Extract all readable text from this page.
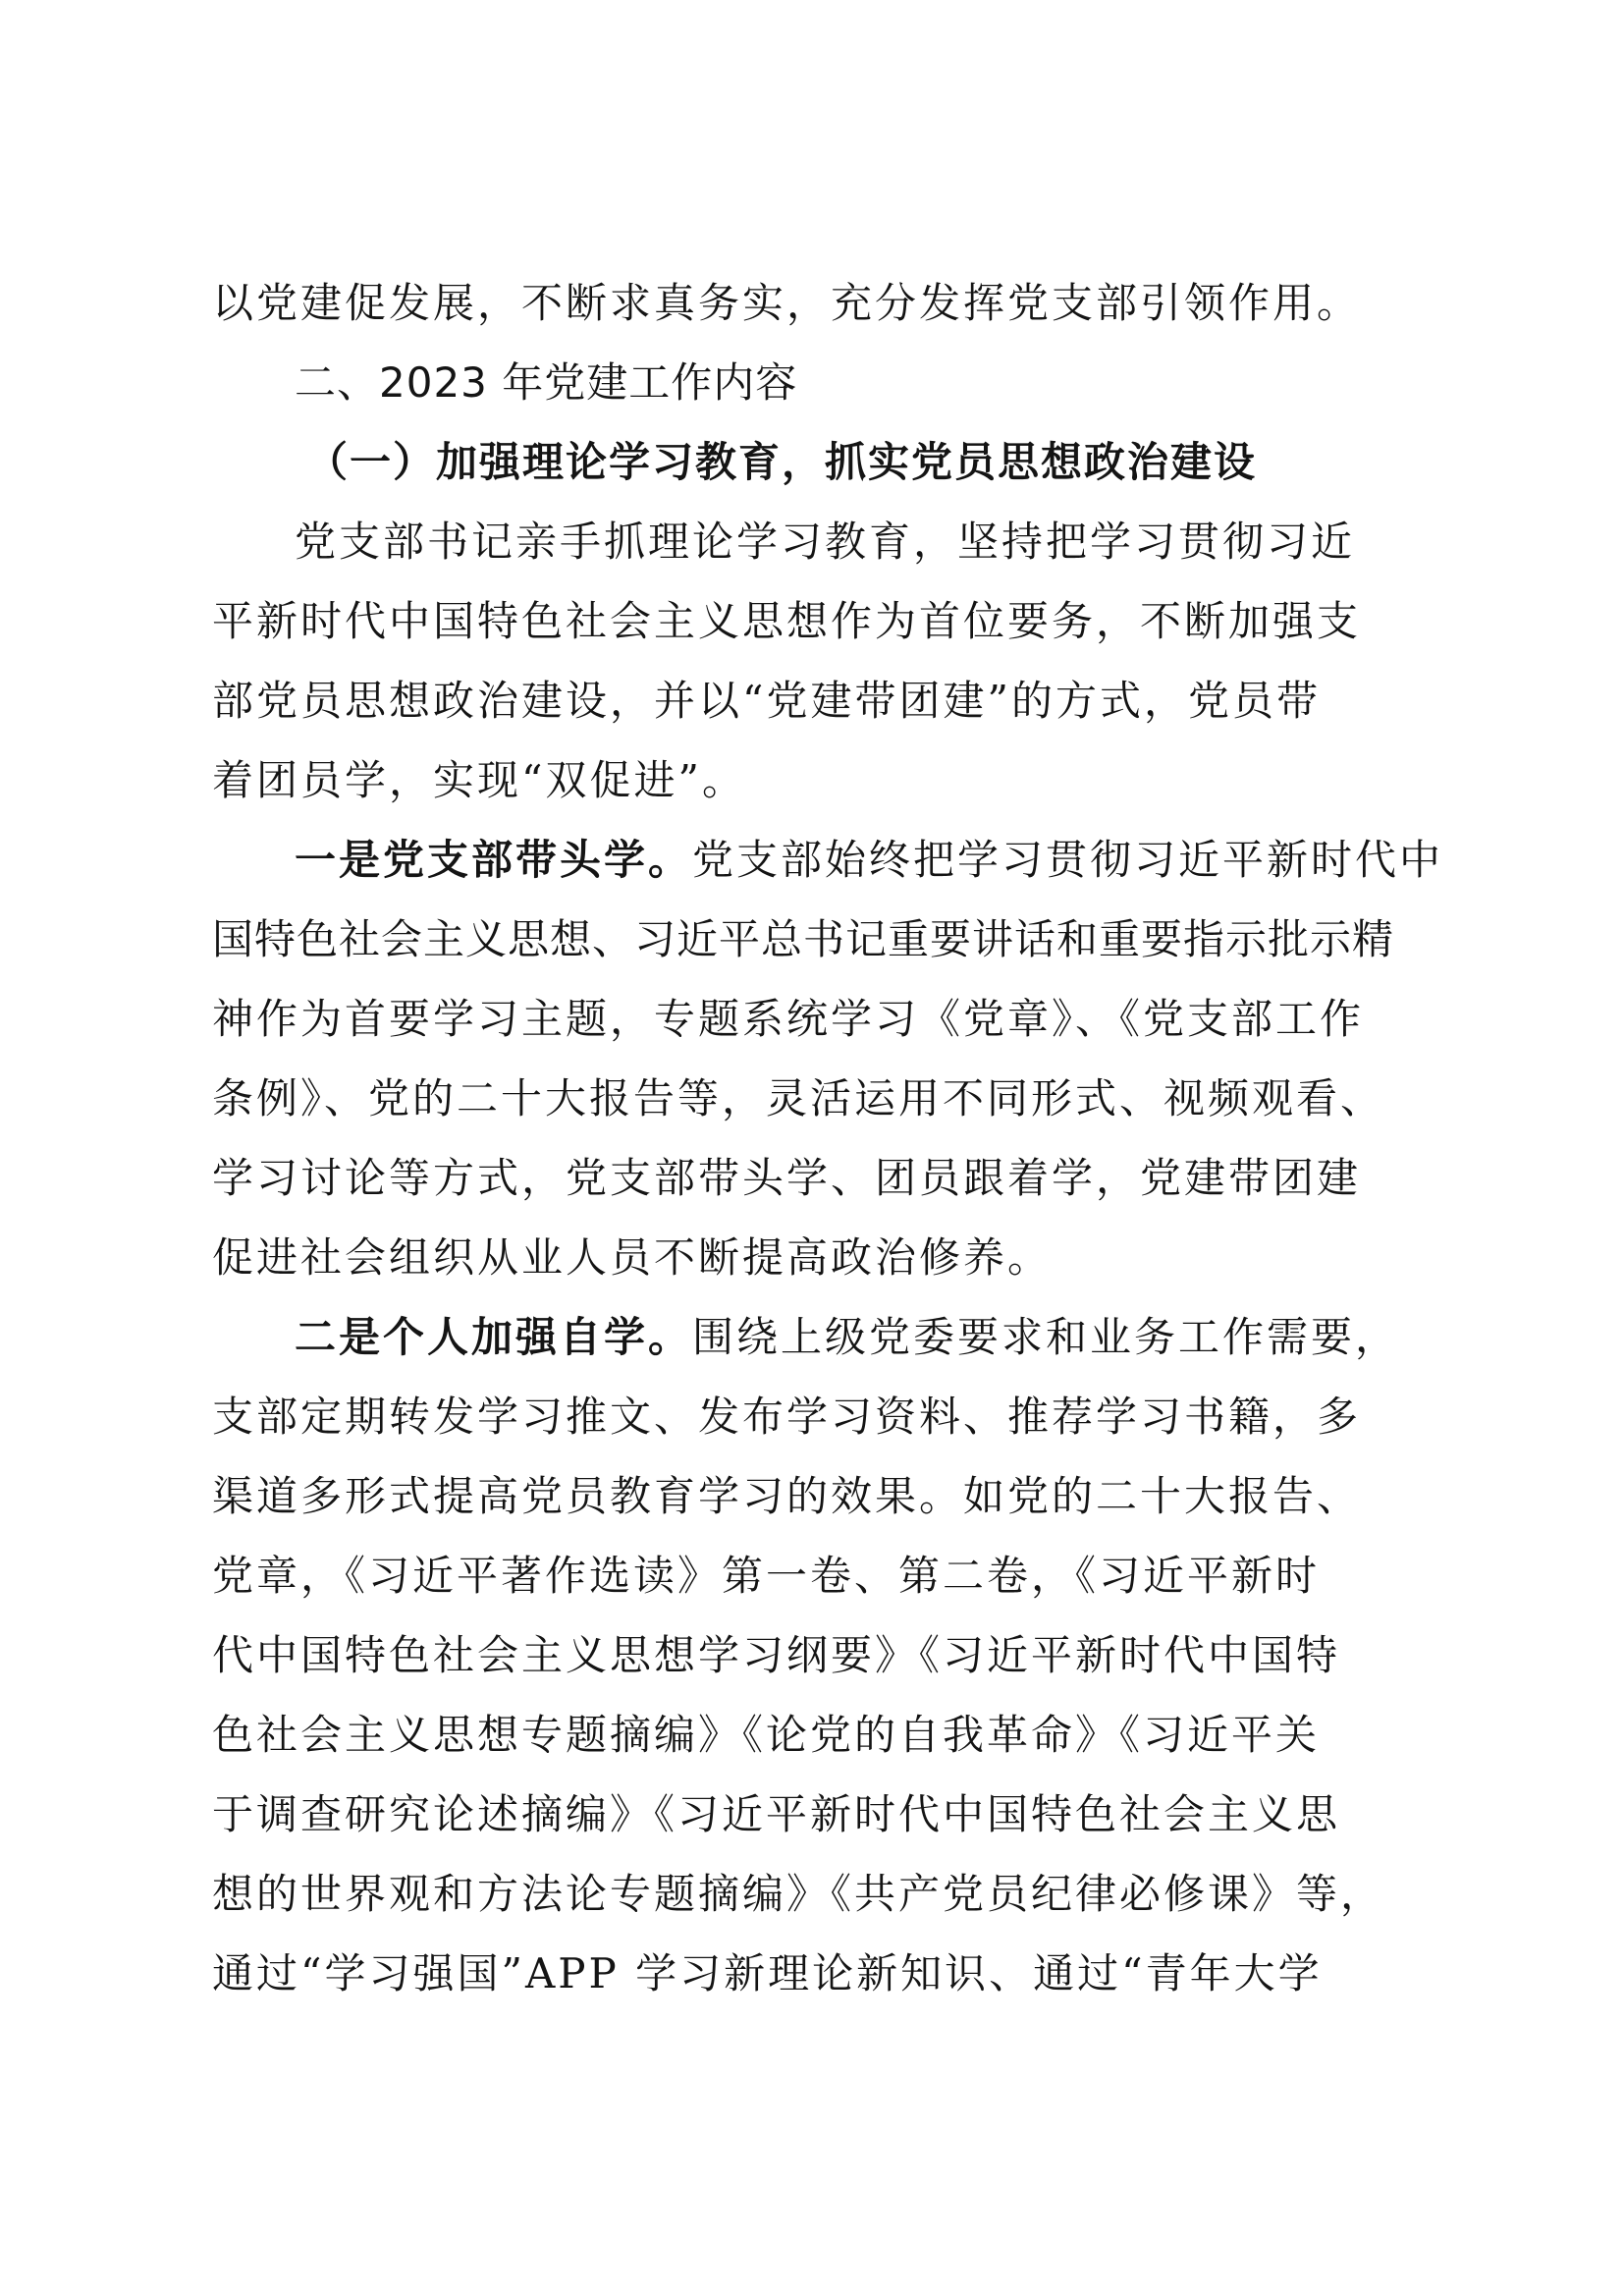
以党建促发展，不断求真务实，充分发挥党支部引领作用。
二、2023 年党建工作内容
（一）加强理论学习教育，抓实党员思想政治建设
党支部书记亲手抓理论学习教育，坚持把学习贯彻习近
平新时代中国特色社会主义思想作为首位要务，不断加强支
部党员思想政治建设，并以“党建带团建”的方式，党员带
着团员学，实现“双促进”。
一是党支部带头学。党支部始终把学习贯彻习近平新时代中
国特色社会主义思想、习近平总书记重要讲话和重要指示批示精
神作为首要学习主题，专题系统学习《党章》、《党支部工作
条例》、党的二十大报告等，灵活运用不同形式、视频观看、
学习讨论等方式，党支部带头学、团员跟着学，党建带团建
促进社会组织从业人员不断提高政治修养。
二是个人加强自学。围绕上级党委要求和业务工作需要，
支部定期转发学习推文、发布学习资料、推荐学习书籍，多
渠道多形式提高党员教育学习的效果。如党的二十大报告、
党章，《习近平著作选读》第一卷、第二卷，《习近平新时
代中国特色社会主义思想学习纲要》《习近平新时代中国特
色社会主义思想专题摘编》《论党的自我革命》《习近平关
于调查研究论述摘编》《习近平新时代中国特色社会主义思
想的世界观和方法论专题摘编》《共产党员纪律必修课》等，
通过“学习强国”APP 学习新理论新知识、通过“青年大学
